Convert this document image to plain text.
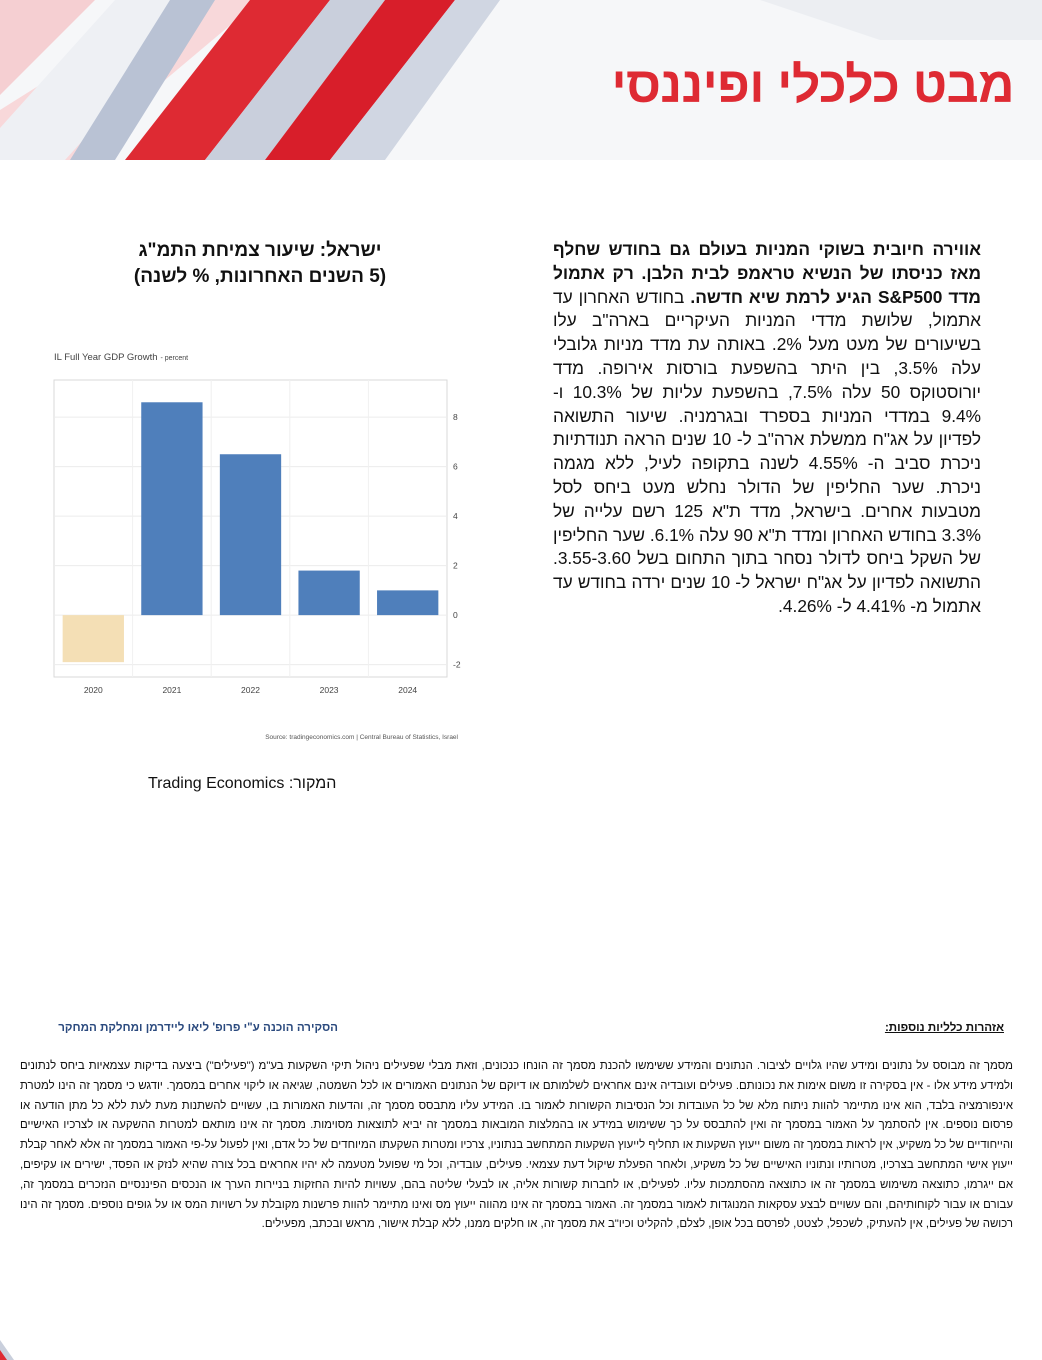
מבט כלכלי ופיננסי
אווירה חיובית בשוקי המניות בעולם גם בחודש שחלף מאז כניסתו של הנשיא טראמפ לבית הלבן. רק אתמול מדד S&P500 הגיע לרמת שיא חדשה. בחודש האחרון עד אתמול, שלושת מדדי המניות העיקריים בארה"ב עלו בשיעורים של מעט מעל 2%. באותה עת מדד מניות גלובלי עלה 3.5%, בין היתר בהשפעת בורסות אירופה. מדד יורוסטוקס 50 עלה 7.5%, בהשפעת עליות של 10.3% ו- 9.4% במדדי המניות בספרד ובגרמניה. שיעור התשואה לפדיון על אג"ח ממשלת ארה"ב ל- 10 שנים הראה תנודתיות ניכרת סביב ה- 4.55% לשנה בתקופה לעיל, ללא מגמה ניכרת. שער החליפין של הדולר נחלש מעט ביחס לסל מטבעות אחרים. בישראל, מדד ת"א 125 רשם עלייה של 3.3% בחודש האחרון ומדד ת"א 90 עלה 6.1%. שער החליפין של השקל ביחס לדולר נסחר בתוך התחום בשל 3.55-3.60. התשואה לפדיון על אג"ח ישראל ל- 10 שנים ירדה בחודש עד אתמול מ- 4.41% ל- 4.26%.
ישראל: שיעור צמיחת התמ"ג
(5 השנים האחרונות, % לשנה)
IL Full Year GDP Growth - percent
-2
0
2
4
6
8
2020	2021	2022	2023	2024
Source: tradingeconomics.com | Central Bureau of Statistics, Israel
המקור: Trading Economics
הסקירה הוכנה ע"י פרופ' ליאו ליידרמן ומחלקת המחקר	אזהרות כלליות נוספות:
מסמך זה מבוסס על נתונים ומידע שהיו גלויים לציבור. הנתונים והמידע ששימשו להכנת מסמך זה הונחו כנכונים, וזאת מבלי שפעילים ניהול תיקי השקעות בע"מ ("פעילים") ביצעה בדיקות עצמאיות ביחס לנתונים ולמידע מידע אלו - אין בסקירה זו משום אימות את נכונותם. פעילים ועובדיה אינם אחראים לשלמותם או דיוקם של הנתונים האמורים או לכל השמטה, שגיאה או ליקוי אחרים במסמך. יודגש כי מסמך זה הינו למטרת אינפורמציה בלבד, הוא אינו מתיימר להוות ניתוח מלא של כל העובדות וכל הנסיבות הקשורות לאמור בו. המידע עליו מתבסס מסמך זה, והדעות האמורות בו, עשויים להשתנות מעת לעת ללא כל מתן הודעה או פרסום נוספים. אין להסתמך על האמור במסמך זה ואין להתבסס על כך ששימוש במידע או בהמלצות המובאות במסמך זה יביא לתוצאות מסוימות. מסמך זה אינו מותאם למטרות ההשקעה או לצרכיו האישיים והייחודיים של כל משקיע, אין לראות במסמך זה משום ייעוץ השקעות או תחליף לייעוץ השקעות המתחשב בנתוניו, צרכיו ומטרות השקעתו המיוחדים של כל אדם, ואין לפעול על-פי האמור במסמך זה אלא לאחר קבלת ייעוץ אישי המתחשב בצרכיו, מטרותיו ונתוניו האישיים של כל משקיע, ולאחר הפעלת שיקול דעת עצמאי. פעילים, עובדיה, וכל מי שפועל מטעמה לא יהיו אחראים בכל צורה שהיא לנזק או הפסד, ישירים או עקיפים, אם ייגרמו, כתוצאה משימוש במסמך זה או כתוצאה מהסתמכות עליו. לפעילים, או לחברות קשורות אליה, או לבעלי שליטה בהם, עשויות להיות החזקות בניירות הערך או הנכסים הפיננסיים הנזכרים במסמך זה, עבורם או עבור לקוחותיהם, והם עשויים לבצע עסקאות המנוגדות לאמור במסמך זה. האמור במסמך זה אינו מהווה ייעוץ מס ואינו מתיימר להוות פרשנות מקובלת על רשויות המס או על גופים נוספים. מסמך זה הינו רכושה של פעילים, אין להעתיק, לשכפל, לצטט, לפרסם בכל אופן, לצלם, להקליט וכיו"ב את מסמך זה, או חלקים ממנו, ללא קבלת אישור, מראש ובכתב, מפעילים.
